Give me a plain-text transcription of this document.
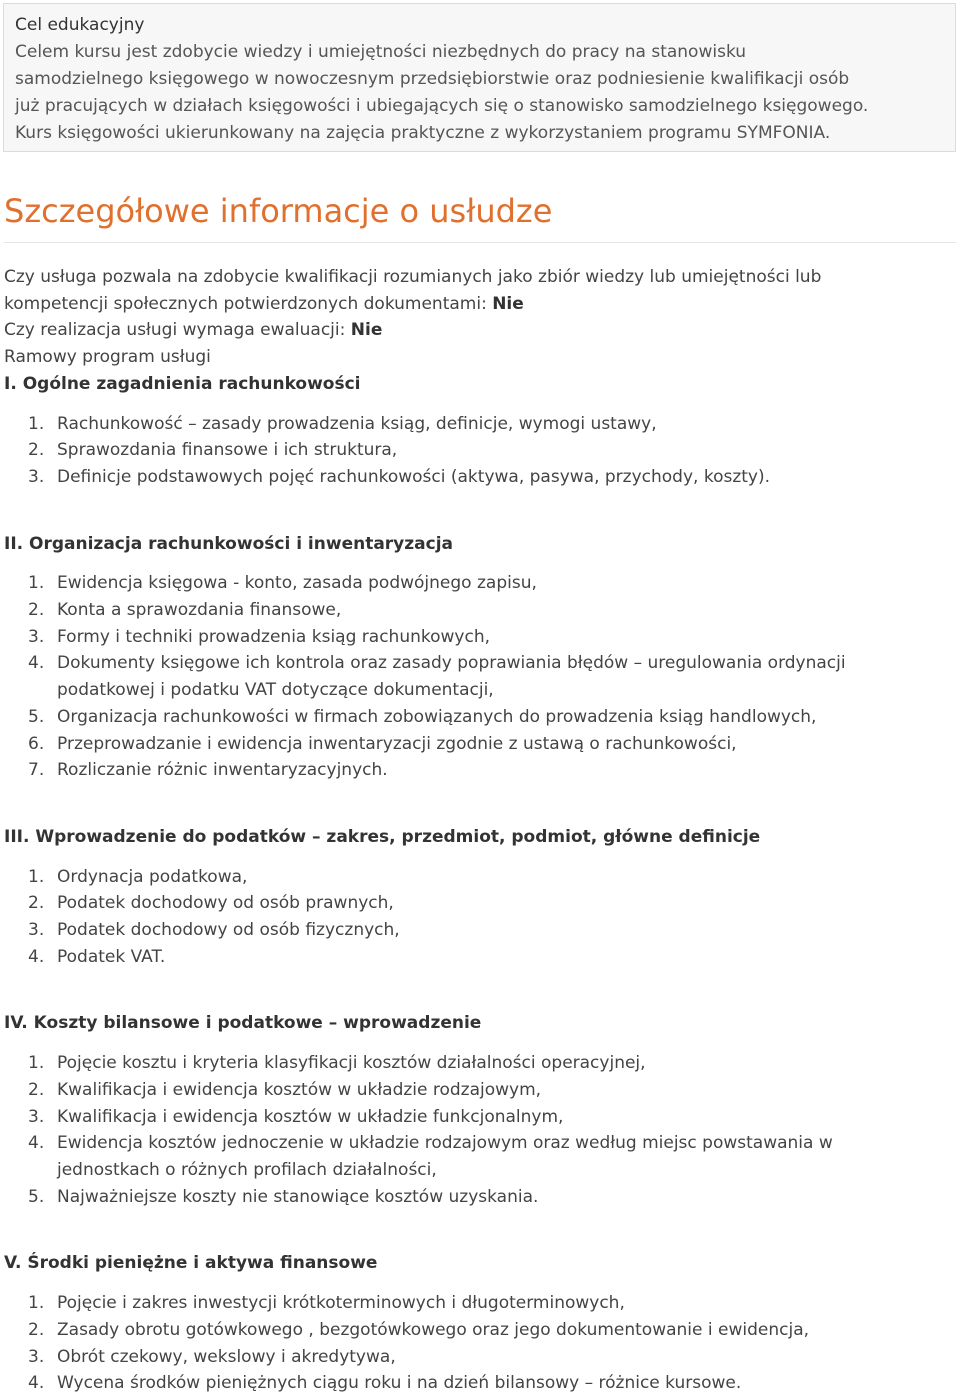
Cel edukacyjny

Celem kursu jest zdobycie wiedzy i umiejętności niezbędnych do pracy na stanowisku

samodzielnego księgowego w nowoczesnym przedsiębiorstwie oraz podniesienie kwalifikacji osób

już pracujących w działach księgowości i ubiegających się o stanowisko samodzielnego księgowego.

Kurs księgowości ukierunkowany na zajęcia praktyczne z wykorzystaniem programu SYMFONIA.

Szczegółowe informacje o usłudze

Czy usługa pozwala na zdobycie kwalifikacji rozumianych jako zbiór wiedzy lub umiejętności lub

kompetencji społecznych potwierdzonych dokumentami: Nie

Czy realizacja usługi wymaga ewaluacji: Nie

Ramowy program usługi

I. Ogólne zagadnienia rachunkowości

1. Rachunkowość – zasady prowadzenia ksiąg, definicje, wymogi ustawy,
2. Sprawozdania finansowe i ich struktura,
3. Definicje podstawowych pojęć rachunkowości (aktywa, pasywa, przychody, koszty).

II. Organizacja rachunkowości i inwentaryzacja

1. Ewidencja księgowa - konto, zasada podwójnego zapisu,
2. Konta a sprawozdania finansowe,
3. Formy i techniki prowadzenia ksiąg rachunkowych,
4. Dokumenty księgowe ich kontrola oraz zasady poprawiania błędów – uregulowania ordynacji
podatkowej i podatku VAT dotyczące dokumentacji,
5. Organizacja rachunkowości w firmach zobowiązanych do prowadzenia ksiąg handlowych,
6. Przeprowadzanie i ewidencja inwentaryzacji zgodnie z ustawą o rachunkowości,
7. Rozliczanie różnic inwentaryzacyjnych.

III. Wprowadzenie do podatków – zakres, przedmiot, podmiot, główne definicje

1. Ordynacja podatkowa,
2. Podatek dochodowy od osób prawnych,
3. Podatek dochodowy od osób fizycznych,
4. Podatek VAT.

IV. Koszty bilansowe i podatkowe – wprowadzenie

1. Pojęcie kosztu i kryteria klasyfikacji kosztów działalności operacyjnej,
2. Kwalifikacja i ewidencja kosztów w układzie rodzajowym,
3. Kwalifikacja i ewidencja kosztów w układzie funkcjonalnym,
4. Ewidencja kosztów jednoczenie w układzie rodzajowym oraz według miejsc powstawania w
jednostkach o różnych profilach działalności,
5. Najważniejsze koszty nie stanowiące kosztów uzyskania.

V. Środki pieniężne i aktywa finansowe

1. Pojęcie i zakres inwestycji krótkoterminowych i długoterminowych,
2. Zasady obrotu gotówkowego , bezgotówkowego oraz jego dokumentowanie i ewidencja,
3. Obrót czekowy, wekslowy i akredytywa,
4. Wycena środków pieniężnych ciągu roku i na dzień bilansowy – różnice kursowe.
